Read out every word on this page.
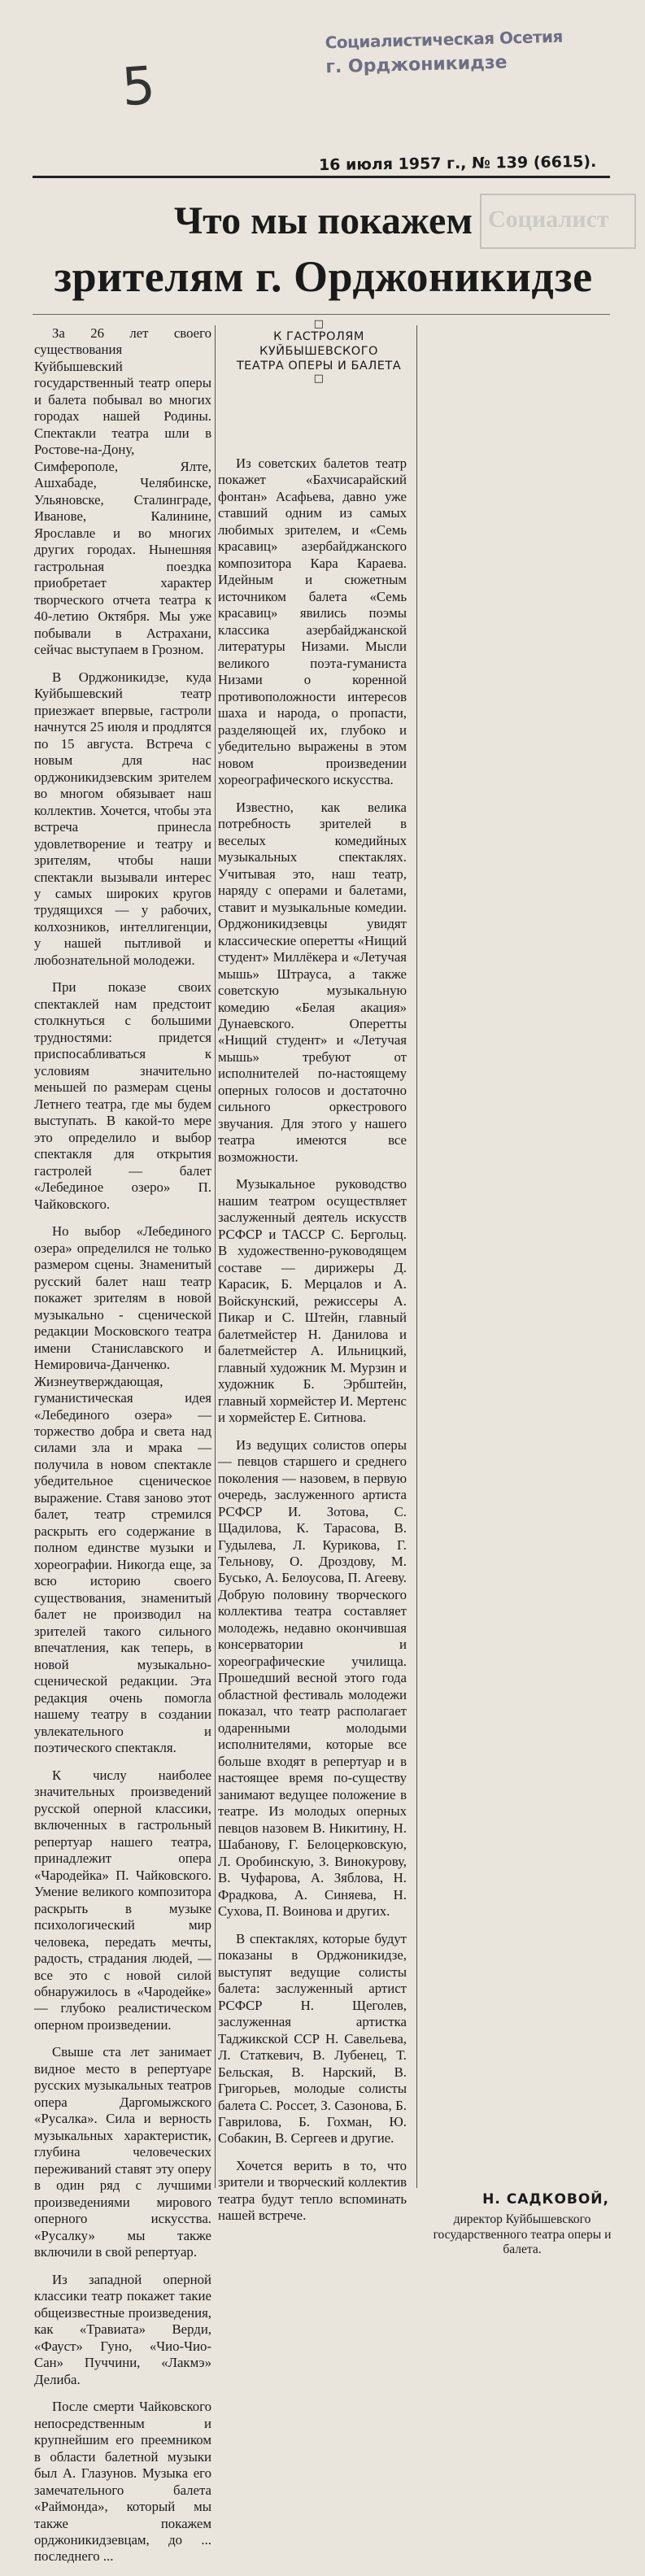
5
Социалистическая Осетия
г. Орджоникидзе
16 июля 1957 г., № 139 (6615).
Социалист
Что мы покажем
зрителям г. Орджоникидзе

За 26 лет своего существования Куйбышевский государственный театр оперы и балета побывал во многих городах нашей Родины. Спектакли театра шли в Ростове-на-Дону, Симферополе, Ялте, Ашхабаде, Челябинске, Ульяновске, Сталинграде, Иванове, Калинине, Ярославле и во многих других городах. Нынешняя гастрольная поездка приобретает характер творческого отчета театра к 40-летию Октября. Мы уже побывали в Астрахани, сейчас выступаем в Грозном.

В Орджоникидзе, куда Куйбышевский театр приезжает впервые, гастроли начнутся 25 июля и продлятся по 15 августа. Встреча с новым для нас орджоникидзевским зрителем во многом обязывает наш коллектив. Хочется, чтобы эта встреча принесла удовлетворение и театру и зрителям, чтобы наши спектакли вызывали интерес у самых широких кругов трудящихся — у рабочих, колхозников, интеллигенции, у нашей пытливой и любознательной молодежи.

При показе своих спектаклей нам предстоит столкнуться с большими трудностями: придется приспосабливаться к условиям значительно меньшей по размерам сцены Летнего театра, где мы будем выступать. В какой-то мере это определило и выбор спектакля для открытия гастролей — балет «Лебединое озеро» П. Чайковского.

Но выбор «Лебединого озера» определился не только размером сцены. Знаменитый русский балет наш театр покажет зрителям в новой музыкально - сценической редакции Московского театра имени Станиславского и Немировича-Данченко. Жизнеутверждающая, гуманистическая идея «Лебединого озера» — торжество добра и света над силами зла и мрака — получила в новом спектакле убедительное сценическое выражение. Ставя заново этот балет, театр стремился раскрыть его содержание в полном единстве музыки и хореографии. Никогда еще, за всю историю своего существования, знаменитый балет не производил на зрителей такого сильного впечатления, как теперь, в новой музыкально-сценической редакции. Эта редакция очень помогла нашему театру в создании увлекательного и поэтического спектакля.

К числу наиболее значительных произведений русской оперной классики, включенных в гастрольный репертуар нашего театра, принадлежит опера «Чародейка» П. Чайковского. Умение великого композитора раскрыть в музыке психологический мир человека, передать мечты, радость, страдания людей, — все это с новой силой обнаружилось в «Чародейке» — глубоко реалистическом оперном произведении.

Свыше ста лет занимает видное место в репертуаре русских музыкальных театров опера Даргомыжского «Русалка». Сила и верность музыкальных характеристик, глубина человеческих переживаний ставят эту оперу в один ряд с лучшими произведениями мирового оперного искусства. «Русалку» мы также включили в свой репертуар.

Из западной оперной классики театр покажет такие общеизвестные произведения, как «Травиата» Верди, «Фауст» Гуно, «Чио-Чио-Сан» Пуччини, «Лакмэ» Делиба.

После смерти Чайковского непосредственным и крупнейшим его преемником в области балетной музыки был А. Глазунов. Музыка его замечательного балета «Раймонда», который мы также покажем орджоникидзевцам, до ... последнего ...

□
К ГАСТРОЛЯМ
КУЙБЫШЕВСКОГО
ТЕАТРА ОПЕРЫ И БАЛЕТА
□

Из советских балетов театр покажет «Бахчисарайский фонтан» Асафьева, давно уже ставший одним из самых любимых зрителем, и «Семь красавиц» азербайджанского композитора Кара Караева. Идейным и сюжетным источником балета «Семь красавиц» явились поэмы классика азербайджанской литературы Низами. Мысли великого поэта-гуманиста Низами о коренной противоположности интересов шаха и народа, о пропасти, разделяющей их, глубоко и убедительно выражены в этом новом произведении хореографического искусства.

Известно, как велика потребность зрителей в веселых комедийных музыкальных спектаклях. Учитывая это, наш театр, наряду с операми и балетами, ставит и музыкальные комедии. Орджоникидзевцы увидят классические оперетты «Нищий студент» Миллёкера и «Летучая мышь» Штрауса, а также советскую музыкальную комедию «Белая акация» Дунаевского. Оперетты «Нищий студент» и «Летучая мышь» требуют от исполнителей по-настоящему оперных голосов и достаточно сильного оркестрового звучания. Для этого у нашего театра имеются все возможности.

Музыкальное руководство нашим театром осуществляет заслуженный деятель искусств РСФСР и ТАССР С. Бергольц. В художественно-руководящем составе — дирижеры Д. Карасик, Б. Мерцалов и А. Войскунский, режиссеры А. Пикар и С. Штейн, главный балетмейстер Н. Данилова и балетмейстер А. Ильницкий, главный художник М. Мурзин и художник Б. Эрбштейн, главный хормейстер И. Мертенс и хормейстер Е. Ситнова.

Из ведущих солистов оперы — певцов старшего и среднего поколения — назовем, в первую очередь, заслуженного артиста РСФСР И. Зотова, С. Щадилова, К. Тарасова, В. Гудылева, Л. Курикова, Г. Тельнову, О. Дроздову, М. Буськo, А. Белоусова, П. Агееву. Добрую половину творческого коллектива театра составляет молодежь, недавно окончившая консерватории и хореографические училища. Прошедший весной этого года областной фестиваль молодежи показал, что театр располагает одаренными молодыми исполнителями, которые все больше входят в репертуар и в настоящее время по-существу занимают ведущее положение в театре. Из молодых оперных певцов назовем В. Никитину, Н. Шабанову, Г. Белоцерковскую, Л. Оробинскую, З. Винокурову, В. Чуфарова, А. Зяблова, Н. Фрадкова, А. Синяева, Н. Сухова, П. Воинова и других.

В спектаклях, которые будут показаны в Орджоникидзе, выступят ведущие солисты балета: заслуженный артист РСФСР Н. Щеголев, заслуженная артистка Таджикской ССР Н. Савельева, Л. Статкевич, В. Лубенец, Т. Бельская, В. Нарский, В. Григорьев, молодые солисты балета С. Россет, З. Сазонова, Б. Гаврилова, Б. Гохман, Ю. Собакин, В. Сергеев и другие.

Хочется верить в то, что зрители и творческий коллектив театра будут тепло вспоминать нашей встрече.

Н. САДКОВОЙ,
директор Куйбышевского государственного театра оперы и балета.
